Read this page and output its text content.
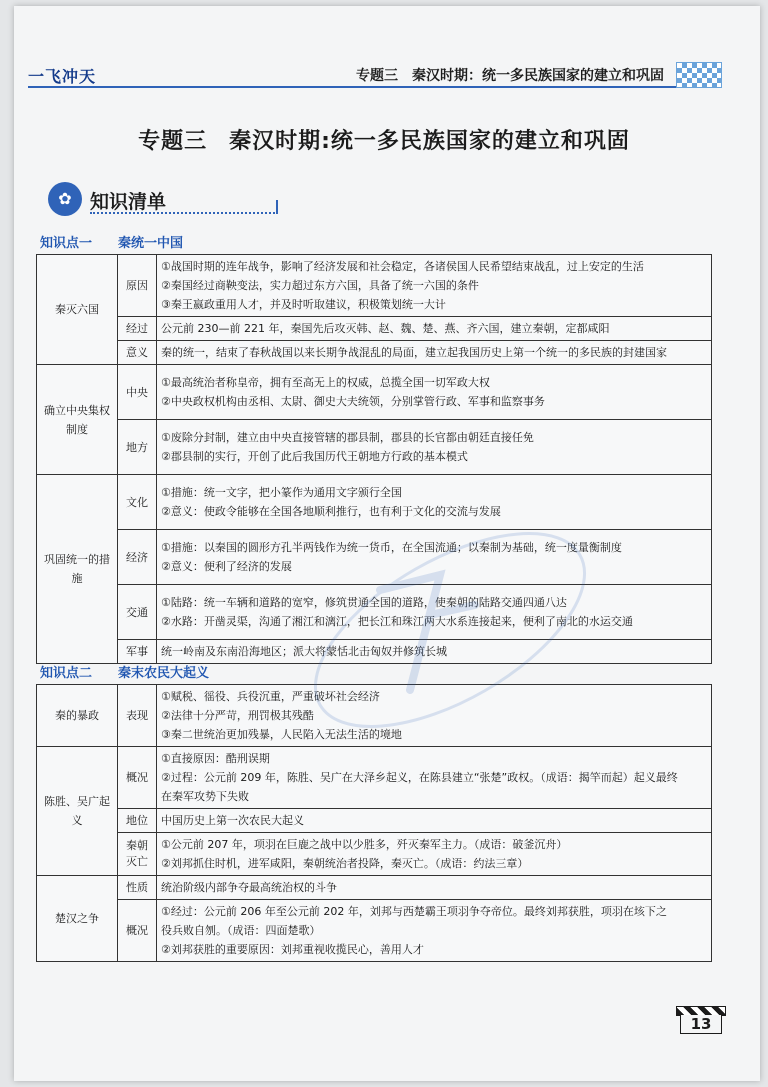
一飞冲天	专题三　秦汉时期：统一多民族国家的建立和巩固
专题三 秦汉时期:统一多民族国家的建立和巩固
✿ 知识清单
知识点一 秦统一中国
秦灭六国	原因	①战国时期的连年战争，影响了经济发展和社会稳定，各诸侯国人民希望结束战乱，过上安定的生活
②秦国经过商鞅变法，实力超过东方六国，具备了统一六国的条件
③秦王嬴政重用人才，并及时听取建议，积极策划统一大计

	经过	公元前 230—前 221 年，秦国先后攻灭韩、赵、魏、楚、燕、齐六国，建立秦朝，定都咸阳

	意义	秦的统一，结束了春秋战国以来长期争战混乱的局面，建立起我国历史上第一个统一的多民族的封建国家

确立中央集权制度	中央	①最高统治者称皇帝，拥有至高无上的权威，总揽全国一切军政大权
②中央政权机构由丞相、太尉、御史大夫统领，分别掌管行政、军事和监察事务

	地方	①废除分封制，建立由中央直接管辖的郡县制，郡县的长官都由朝廷直接任免
②郡县制的实行，开创了此后我国历代王朝地方行政的基本模式

巩固统一的措施	文化	①措施：统一文字，把小篆作为通用文字颁行全国
②意义：使政令能够在全国各地顺利推行，也有利于文化的交流与发展

	经济	①措施：以秦国的圆形方孔半两钱作为统一货币，在全国流通；以秦制为基础，统一度量衡制度
②意义：便利了经济的发展

	交通	①陆路：统一车辆和道路的宽窄，修筑贯通全国的道路，使秦朝的陆路交通四通八达
②水路：开凿灵渠，沟通了湘江和漓江，把长江和珠江两大水系连接起来，便利了南北的水运交通

	军事	统一岭南及东南沿海地区；派大将蒙恬北击匈奴并修筑长城
知识点二 秦末农民大起义
秦的暴政	表现	①赋税、徭役、兵役沉重，严重破坏社会经济
②法律十分严苛，刑罚极其残酷
③秦二世统治更加残暴，人民陷入无法生活的境地

陈胜、吴广起义	概况	①直接原因：酷刑误期
②过程：公元前 209 年，陈胜、吴广在大泽乡起义，在陈县建立“张楚”政权。（成语：揭竿而起）起义最终
在秦军攻势下失败

	地位	中国历史上第一次农民大起义

	秦朝灭亡	①公元前 207 年，项羽在巨鹿之战中以少胜多，歼灭秦军主力。（成语：破釜沉舟）
②刘邦抓住时机，进军咸阳，秦朝统治者投降，秦灭亡。（成语：约法三章）

楚汉之争	性质	统治阶级内部争夺最高统治权的斗争

	概况	①经过：公元前 206 年至公元前 202 年，刘邦与西楚霸王项羽争夺帝位。最终刘邦获胜，项羽在垓下之
役兵败自刎。（成语：四面楚歌）
②刘邦获胜的重要原因：刘邦重视收揽民心，善用人才
13
